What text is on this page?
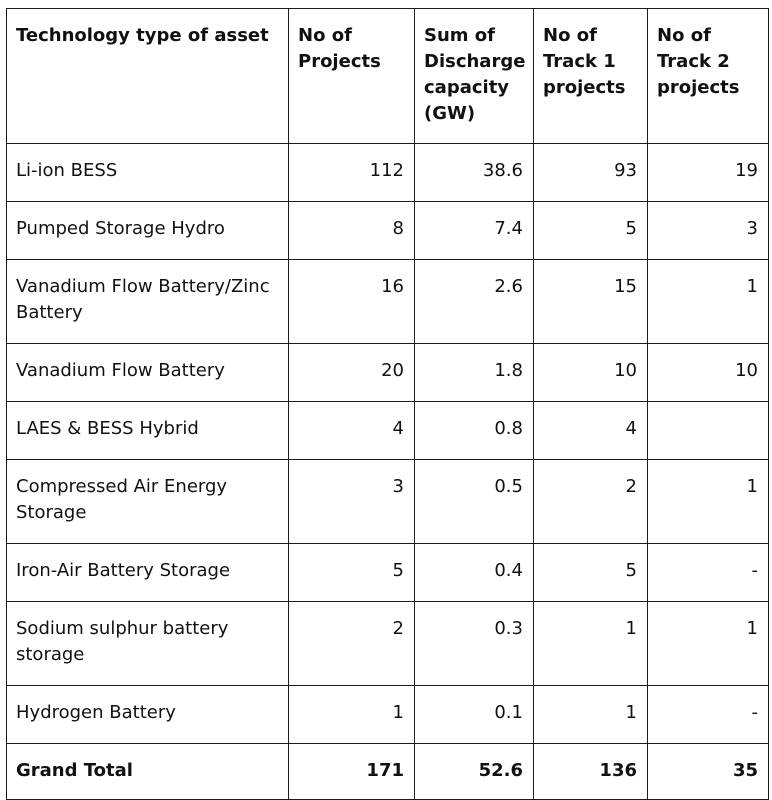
Technology type of asset	No of Projects	Sum of Discharge capacity (GW)	No of Track 1 projects	No of Track 2 projects
Li-ion BESS	112	38.6	93	19
Pumped Storage Hydro	8	7.4	5	3
Vanadium Flow Battery/Zinc Battery	16	2.6	15	1
Vanadium Flow Battery	20	1.8	10	10
LAES & BESS Hybrid	4	0.8	4	
Compressed Air Energy Storage	3	0.5	2	1
Iron-Air Battery Storage	5	0.4	5	-
Sodium sulphur battery storage	2	0.3	1	1
Hydrogen Battery	1	0.1	1	-
Grand Total	171	52.6	136	35
